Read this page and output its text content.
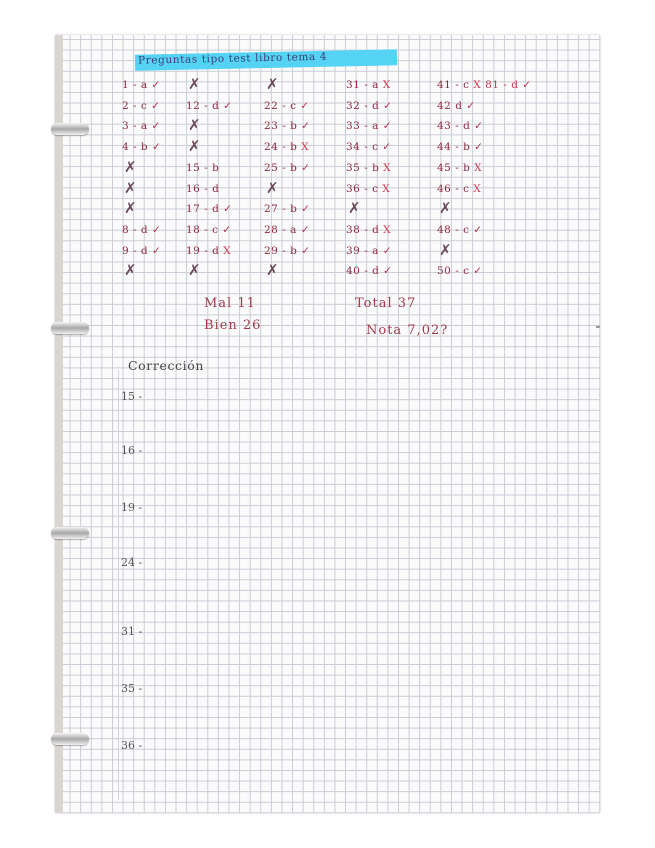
Preguntas tipo test libro tema 4
1 - a ✓
2 - c ✓
3 - a ✓
4 - b ✓
✗
✗
✗
8 - d ✓
9 - d ✓
✗
✗
12 - d ✓
✗
✗
15 - b
16 - d
17 - d ✓
18 - c ✓
19 - d X
✗
✗
22 - c ✓
23 - b ✓
24 - b X
25 - b ✓
✗
27 - b ✓
28 - a ✓
29 - b ✓
✗
31 - a X
32 - d ✓
33 - a ✓
34 - c ✓
35 - b X
36 - c X
✗
38 - d X
39 - a ✓
40 - d ✓
41 - c X 81 - d ✓
42 d ✓
43 - d ✓
44 - b ✓
45 - b X
46 - c X
✗
48 - c ✓
✗
50 - c ✓
Mal 11
Bien 26
Total 37
Nota 7,02?
Corrección
15 -
16 -
19 -
24 -
31 -
35 -
36 -
